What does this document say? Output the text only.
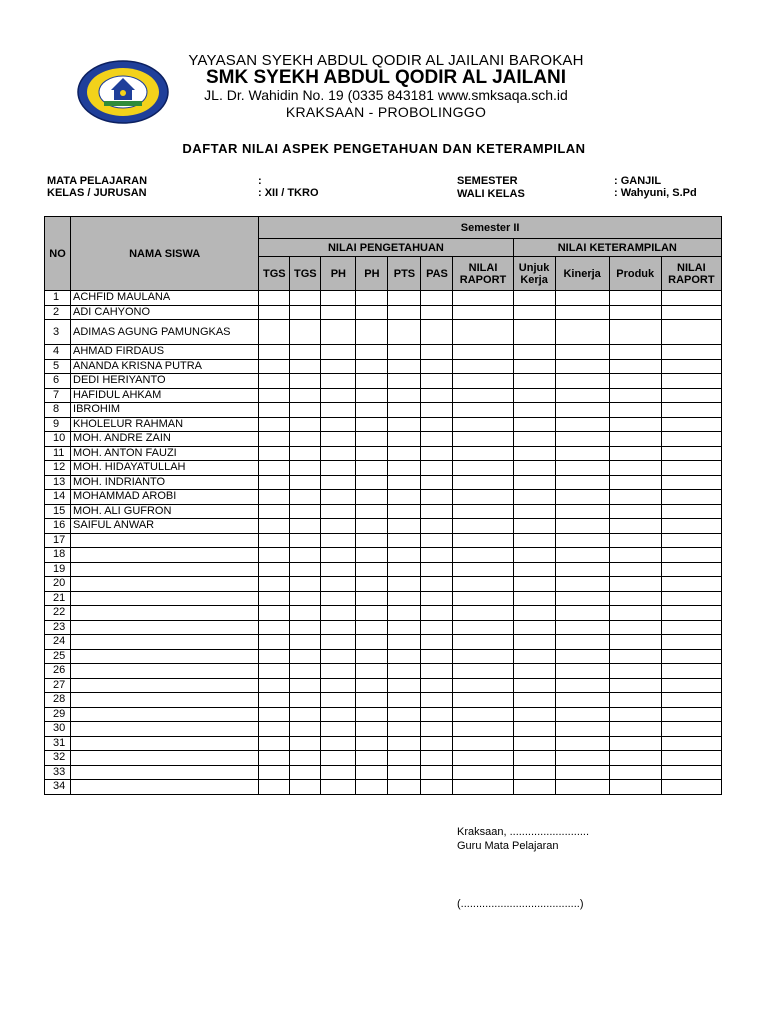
YAYASAN SYEKH ABDUL QODIR AL JAILANI BAROKAH
SMK SYEKH ABDUL QODIR AL JAILANI
JL. Dr. Wahidin No. 19 (0335 843181 www.smksaqa.sch.id
KRAKSAAN - PROBOLINGGO
DAFTAR NILAI ASPEK PENGETAHUAN DAN KETERAMPILAN
MATA PELAJARAN	:
KELAS / JURUSAN	: XII / TKRO
SEMESTER	: GANJIL
WALI KELAS	: Wahyuni, S.Pd
NO	NAMA SISWA	Semester II										
		NILAI PENGETAHUAN							NILAI KETERAMPILAN			
		TGS	TGS	PH	PH	PTS	PAS	NILAI RAPORT	Unjuk Kerja	Kinerja	Produk	NILAI RAPORT
1	ACHFID MAULANA											
2	ADI CAHYONO											
3	ADIMAS AGUNG PAMUNGKAS											
4	AHMAD FIRDAUS											
5	ANANDA KRISNA PUTRA											
6	DEDI HERIYANTO											
7	HAFIDUL AHKAM											
8	IBROHIM											
9	KHOLELUR RAHMAN											
10	MOH. ANDRE ZAIN											
11	MOH. ANTON FAUZI											
12	MOH. HIDAYATULLAH											
13	MOH. INDRIANTO											
14	MOHAMMAD AROBI											
15	MOH. ALI GUFRON											
16	SAIFUL ANWAR											
17												
18												
19												
20												
21												
22												
23												
24												
25												
26												
27												
28												
29												
30												
31												
32												
33												
34												
Kraksaan, ..........................
Guru Mata Pelajaran
(.......................................)
